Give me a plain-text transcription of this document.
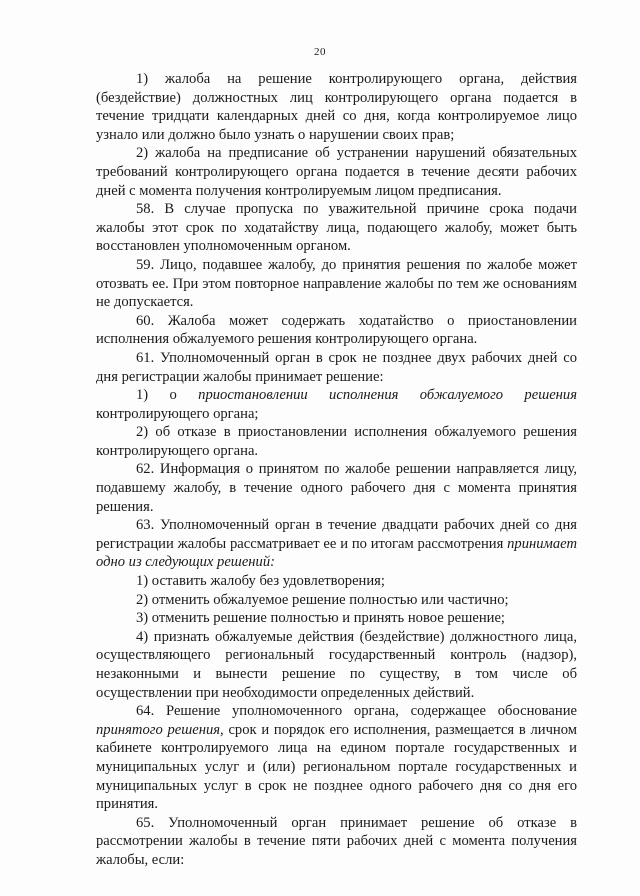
20

1) жалоба на решение контролирующего органа, действия (бездействие) должностных лиц контролирующего органа подается в течение тридцати календарных дней со дня, когда контролируемое лицо узнало или должно было узнать о нарушении своих прав;

2) жалоба на предписание об устранении нарушений обязательных требований контролирующего органа подается в течение десяти рабочих дней с момента получения контролируемым лицом предписания.

58. В случае пропуска по уважительной причине срока подачи жалобы этот срок по ходатайству лица, подающего жалобу, может быть восстановлен уполномоченным органом.

59. Лицо, подавшее жалобу, до принятия решения по жалобе может отозвать ее. При этом повторное направление жалобы по тем же основаниям не допускается.

60. Жалоба может содержать ходатайство о приостановлении исполнения обжалуемого решения контролирующего органа.

61. Уполномоченный орган в срок не позднее двух рабочих дней со дня регистрации жалобы принимает решение:

1) о приостановлении исполнения обжалуемого решения контролирующего органа;

2) об отказе в приостановлении исполнения обжалуемого решения контролирующего органа.

62. Информация о принятом по жалобе решении направляется лицу, подавшему жалобу, в течение одного рабочего дня с момента принятия решения.

63. Уполномоченный орган в течение двадцати рабочих дней со дня регистрации жалобы рассматривает ее и по итогам рассмотрения принимает одно из следующих решений:

1) оставить жалобу без удовлетворения;

2) отменить обжалуемое решение полностью или частично;

3) отменить решение полностью и принять новое решение;

4) признать обжалуемые действия (бездействие) должностного лица, осуществляющего региональный государственный контроль (надзор), незаконными и вынести решение по существу, в том числе об осуществлении при необходимости определенных действий.

64. Решение уполномоченного органа, содержащее обоснование принятого решения, срок и порядок его исполнения, размещается в личном кабинете контролируемого лица на едином портале государственных и муниципальных услуг и (или) региональном портале государственных и муниципальных услуг в срок не позднее одного рабочего дня со дня его принятия.

65. Уполномоченный орган принимает решение об отказе в рассмотрении жалобы в течение пяти рабочих дней с момента получения жалобы, если:
